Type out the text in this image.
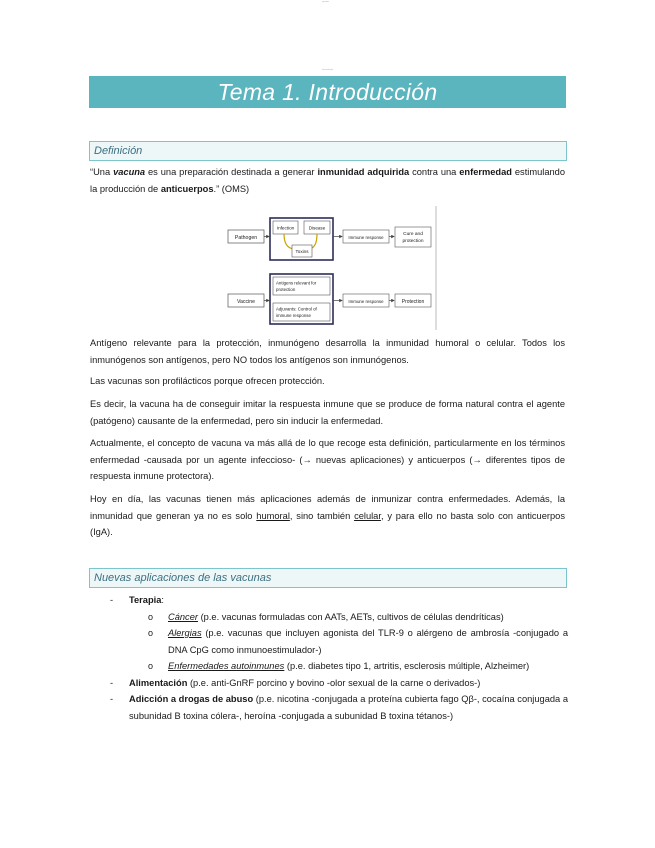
apuntes
Inmunología
Tema 1. Introducción
Definición

“Una vacuna es una preparación destinada a generar inmunidad adquirida contra una enfermedad estimulando la producción de anticuerpos.” (OMS)

Pathogen
Infection	Disease
Toxins
Immune response
Cure and
protection
Vaccine
Antigens relevant for
protection
Adjuvants: Control of
immune response
Immune response	Protection

Antígeno relevante para la protección, inmunógeno desarrolla la inmunidad humoral o celular. Todos los inmunógenos son antígenos, pero NO todos los antígenos son inmunógenos.

Las vacunas son profilácticos porque ofrecen protección.

Es decir, la vacuna ha de conseguir imitar la respuesta inmune que se produce de forma natural contra el agente (patógeno) causante de la enfermedad, pero sin inducir la enfermedad.

Actualmente, el concepto de vacuna va más allá de lo que recoge esta definición, particularmente en los términos enfermedad -causada por un agente infeccioso- (→ nuevas aplicaciones) y anticuerpos (→ diferentes tipos de respuesta inmune protectora).

Hoy en día, las vacunas tienen más aplicaciones además de inmunizar contra enfermedades. Además, la inmunidad que generan ya no es solo humoral, sino también celular, y para ello no basta solo con anticuerpos (IgA).

Nuevas aplicaciones de las vacunas
- Terapia:
o Cáncer (p.e. vacunas formuladas con AATs, AETs, cultivos de células dendríticas)
o Alergias (p.e. vacunas que incluyen agonista del TLR-9 o alérgeno de ambrosía -conjugado a DNA CpG como inmunoestimulador-)
o Enfermedades autoinmunes (p.e. diabetes tipo 1, artritis, esclerosis múltiple, Alzheimer)
- Alimentación (p.e. anti-GnRF porcino y bovino -olor sexual de la carne o derivados-)
- Adicción a drogas de abuso (p.e. nicotina -conjugada a proteína cubierta fago Qβ-, cocaína conjugada a subunidad B toxina cólera-, heroína -conjugada a subunidad B toxina tétanos-)
